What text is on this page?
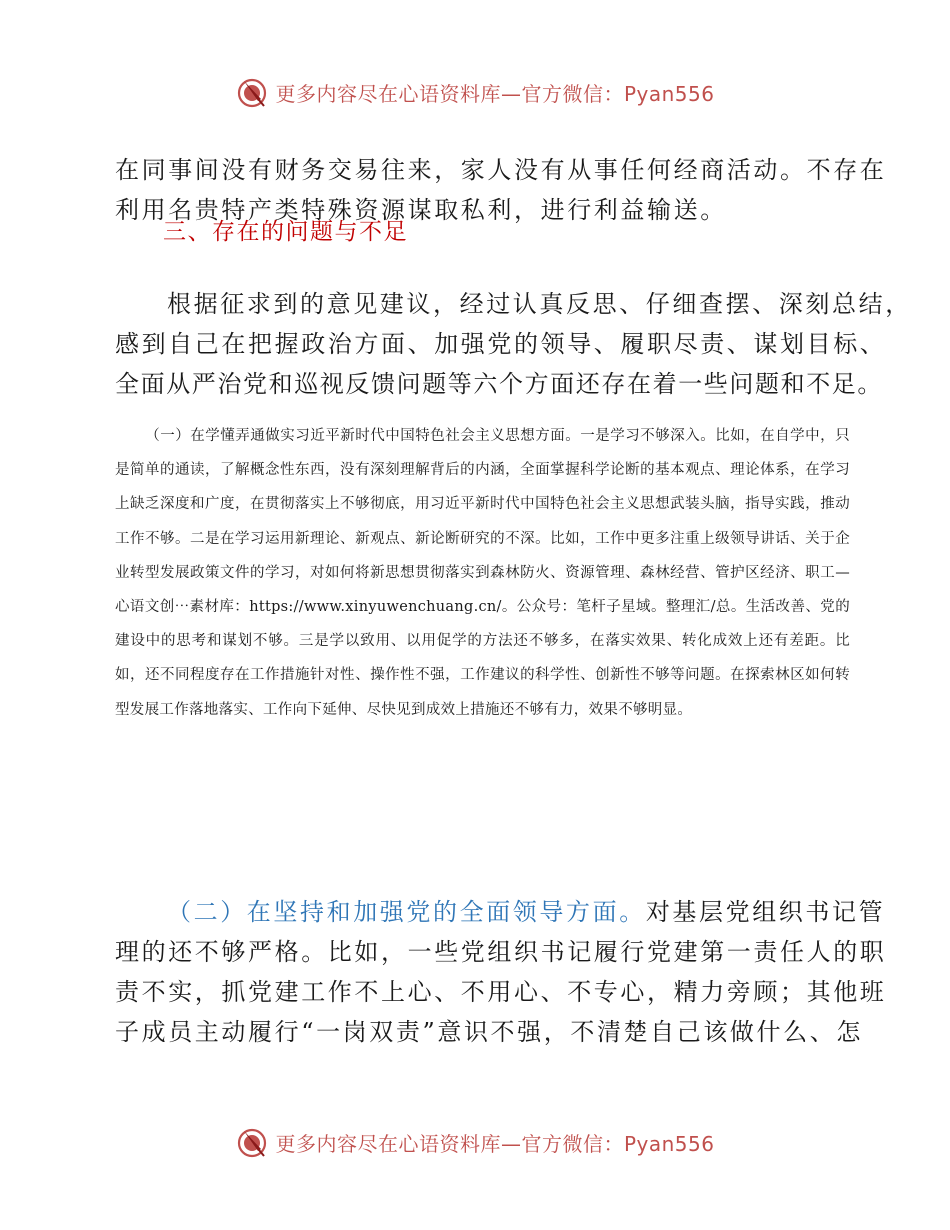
更多内容尽在心语资料库—官方微信：Pyan556
在同事间没有财务交易往来，家人没有从事任何经商活动。不存在
利用名贵特产类特殊资源谋取私利，进行利益输送。
三、存在的问题与不足
根据征求到的意见建议，经过认真反思、仔细查摆、深刻总结，
感到自己在把握政治方面、加强党的领导、履职尽责、谋划目标、
全面从严治党和巡视反馈问题等六个方面还存在着一些问题和不足。
（一）在学懂弄通做实习近平新时代中国特色社会主义思想方面。一是学习不够深入。比如，在自学中，只是简单的通读，了解概念性东西，没有深刻理解背后的内涵，全面掌握科学论断的基本观点、理论体系，在学习上缺乏深度和广度，在贯彻落实上不够彻底，用习近平新时代中国特色社会主义思想武装头脑，指导实践，推动工作不够。二是在学习运用新理论、新观点、新论断研究的不深。比如，工作中更多注重上级领导讲话、关于企业转型发展政策文件的学习，对如何将新思想贯彻落实到森林防火、资源管理、森林经营、管护区经济、职工—心语文创⋯素材库：https://www.xinyuwenchuang.cn/。公众号：笔杆子星域。整理汇/总。生活改善、党的建设中的思考和谋划不够。三是学以致用、以用促学的方法还不够多，在落实效果、转化成效上还有差距。比如，还不同程度存在工作措施针对性、操作性不强，工作建议的科学性、创新性不够等问题。在探索林区如何转型发展工作落地落实、工作向下延伸、尽快见到成效上措施还不够有力，效果不够明显。
（二）在坚持和加强党的全面领导方面。对基层党组织书记管
理的还不够严格。比如，一些党组织书记履行党建第一责任人的职
责不实，抓党建工作不上心、不用心、不专心，精力旁顾；其他班
子成员主动履行“一岗双责”意识不强，不清楚自己该做什么、怎
更多内容尽在心语资料库—官方微信：Pyan556
